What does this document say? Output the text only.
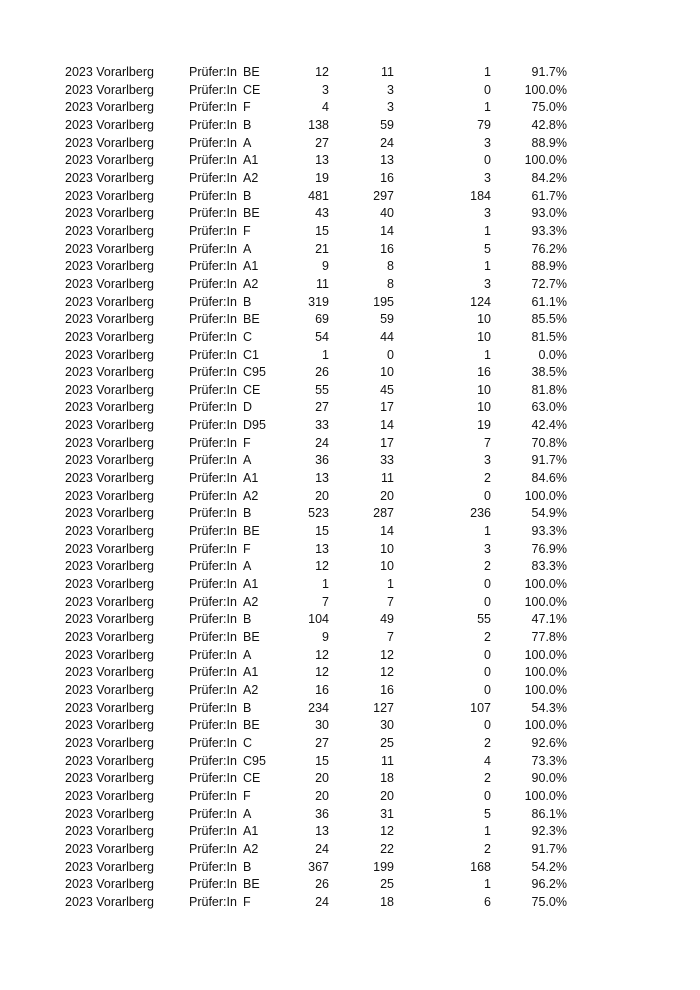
2023 Vorarlberg	Prüfer:In BE	12	11	1	91.7%
2023 Vorarlberg	Prüfer:In CE	3	3	0	100.0%
2023 Vorarlberg	Prüfer:In F	4	3	1	75.0%
2023 Vorarlberg	Prüfer:In B	138	59	79	42.8%
2023 Vorarlberg	Prüfer:In A	27	24	3	88.9%
2023 Vorarlberg	Prüfer:In A1	13	13	0	100.0%
2023 Vorarlberg	Prüfer:In A2	19	16	3	84.2%
2023 Vorarlberg	Prüfer:In B	481	297	184	61.7%
2023 Vorarlberg	Prüfer:In BE	43	40	3	93.0%
2023 Vorarlberg	Prüfer:In F	15	14	1	93.3%
2023 Vorarlberg	Prüfer:In A	21	16	5	76.2%
2023 Vorarlberg	Prüfer:In A1	9	8	1	88.9%
2023 Vorarlberg	Prüfer:In A2	11	8	3	72.7%
2023 Vorarlberg	Prüfer:In B	319	195	124	61.1%
2023 Vorarlberg	Prüfer:In BE	69	59	10	85.5%
2023 Vorarlberg	Prüfer:In C	54	44	10	81.5%
2023 Vorarlberg	Prüfer:In C1	1	0	1	0.0%
2023 Vorarlberg	Prüfer:In C95	26	10	16	38.5%
2023 Vorarlberg	Prüfer:In CE	55	45	10	81.8%
2023 Vorarlberg	Prüfer:In D	27	17	10	63.0%
2023 Vorarlberg	Prüfer:In D95	33	14	19	42.4%
2023 Vorarlberg	Prüfer:In F	24	17	7	70.8%
2023 Vorarlberg	Prüfer:In A	36	33	3	91.7%
2023 Vorarlberg	Prüfer:In A1	13	11	2	84.6%
2023 Vorarlberg	Prüfer:In A2	20	20	0	100.0%
2023 Vorarlberg	Prüfer:In B	523	287	236	54.9%
2023 Vorarlberg	Prüfer:In BE	15	14	1	93.3%
2023 Vorarlberg	Prüfer:In F	13	10	3	76.9%
2023 Vorarlberg	Prüfer:In A	12	10	2	83.3%
2023 Vorarlberg	Prüfer:In A1	1	1	0	100.0%
2023 Vorarlberg	Prüfer:In A2	7	7	0	100.0%
2023 Vorarlberg	Prüfer:In B	104	49	55	47.1%
2023 Vorarlberg	Prüfer:In BE	9	7	2	77.8%
2023 Vorarlberg	Prüfer:In A	12	12	0	100.0%
2023 Vorarlberg	Prüfer:In A1	12	12	0	100.0%
2023 Vorarlberg	Prüfer:In A2	16	16	0	100.0%
2023 Vorarlberg	Prüfer:In B	234	127	107	54.3%
2023 Vorarlberg	Prüfer:In BE	30	30	0	100.0%
2023 Vorarlberg	Prüfer:In C	27	25	2	92.6%
2023 Vorarlberg	Prüfer:In C95	15	11	4	73.3%
2023 Vorarlberg	Prüfer:In CE	20	18	2	90.0%
2023 Vorarlberg	Prüfer:In F	20	20	0	100.0%
2023 Vorarlberg	Prüfer:In A	36	31	5	86.1%
2023 Vorarlberg	Prüfer:In A1	13	12	1	92.3%
2023 Vorarlberg	Prüfer:In A2	24	22	2	91.7%
2023 Vorarlberg	Prüfer:In B	367	199	168	54.2%
2023 Vorarlberg	Prüfer:In BE	26	25	1	96.2%
2023 Vorarlberg	Prüfer:In F	24	18	6	75.0%
